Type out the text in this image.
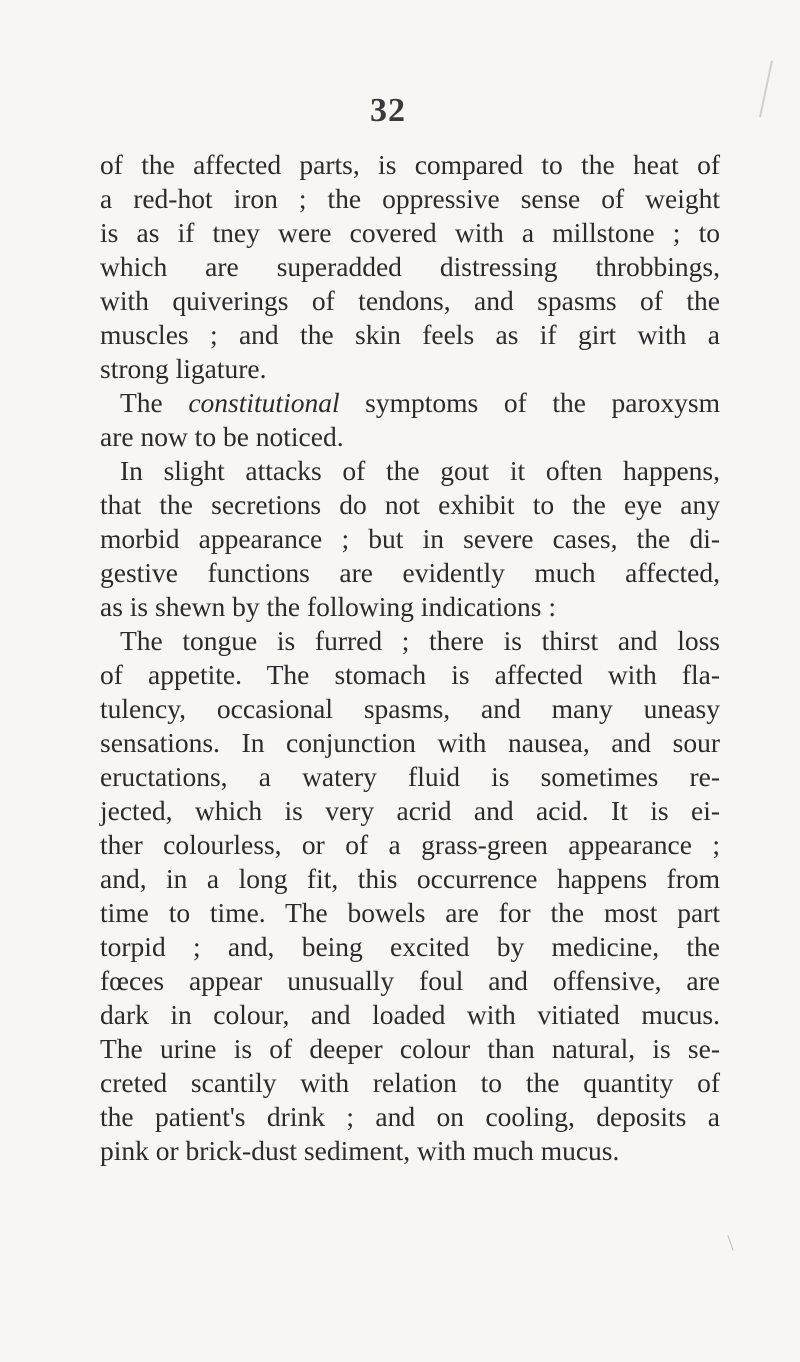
32
of the affected parts, is compared to the heat of
a red-hot iron ; the oppressive sense of weight
is as if tney were covered with a millstone ; to
which are superadded distressing throbbings,
with quiverings of tendons, and spasms of the
muscles ; and the skin feels as if girt with a
strong ligature.
The constitutional symptoms of the paroxysm
are now to be noticed.
In slight attacks of the gout it often happens,
that the secretions do not exhibit to the eye any
morbid appearance ; but in severe cases, the di-
gestive functions are evidently much affected,
as is shewn by the following indications :
The tongue is furred ; there is thirst and loss
of appetite. The stomach is affected with fla-
tulency, occasional spasms, and many uneasy
sensations. In conjunction with nausea, and sour
eructations, a watery fluid is sometimes re-
jected, which is very acrid and acid. It is ei-
ther colourless, or of a grass-green appearance ;
and, in a long fit, this occurrence happens from
time to time. The bowels are for the most part
torpid ; and, being excited by medicine, the
fœces appear unusually foul and offensive, are
dark in colour, and loaded with vitiated mucus.
The urine is of deeper colour than natural, is se-
creted scantily with relation to the quantity of
the patient's drink ; and on cooling, deposits a
pink or brick-dust sediment, with much mucus.
